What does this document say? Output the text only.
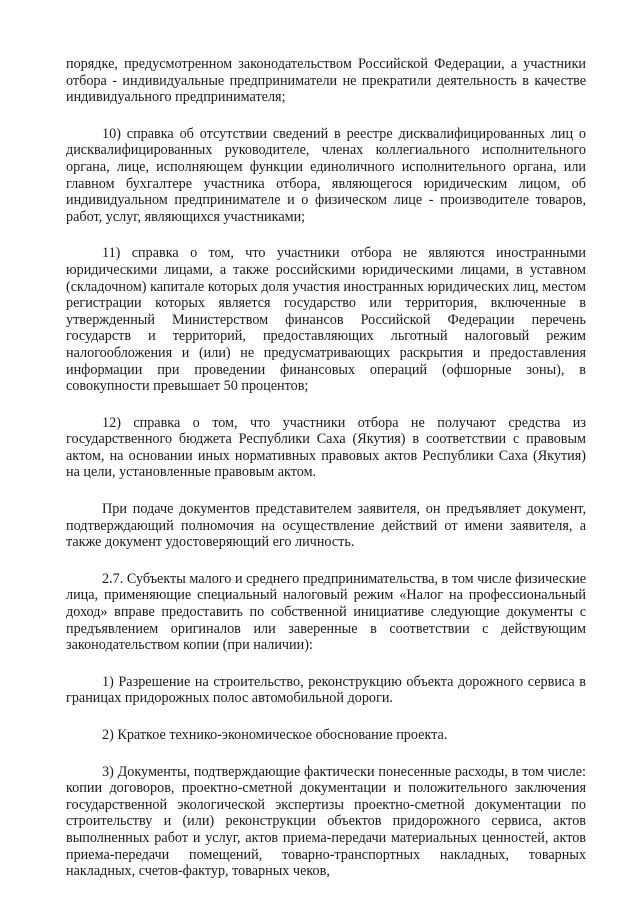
порядке, предусмотренном законодательством Российской Федерации, а участники отбора - индивидуальные предприниматели не прекратили деятельность в качестве индивидуального предпринимателя;

10) справка об отсутствии сведений в реестре дисквалифицированных лиц о дисквалифицированных руководителе, членах коллегиального исполнительного органа, лице, исполняющем функции единоличного исполнительного органа, или главном бухгалтере участника отбора, являющегося юридическим лицом, об индивидуальном предпринимателе и о физическом лице - производителе товаров, работ, услуг, являющихся участниками;

11) справка о том, что участники отбора не являются иностранными юридическими лицами, а также российскими юридическими лицами, в уставном (складочном) капитале которых доля участия иностранных юридических лиц, местом регистрации которых является государство или территория, включенные в утвержденный Министерством финансов Российской Федерации перечень государств и территорий, предоставляющих льготный налоговый режим налогообложения и (или) не предусматривающих раскрытия и предоставления информации при проведении финансовых операций (офшорные зоны), в совокупности превышает 50 процентов;

12) справка о том, что участники отбора не получают средства из государственного бюджета Республики Саха (Якутия) в соответствии с правовым актом, на основании иных нормативных правовых актов Республики Саха (Якутия) на цели, установленные правовым актом.

При подаче документов представителем заявителя, он предъявляет документ, подтверждающий полномочия на осуществление действий от имени заявителя, а также документ удостоверяющий его личность.

2.7. Субъекты малого и среднего предпринимательства, в том числе физические лица, применяющие специальный налоговый режим «Налог на профессиональный доход» вправе предоставить по собственной инициативе следующие документы с предъявлением оригиналов или заверенные в соответствии с действующим законодательством копии (при наличии):

1) Разрешение на строительство, реконструкцию объекта дорожного сервиса в границах придорожных полос автомобильной дороги.

2) Краткое технико-экономическое обоснование проекта.

3) Документы, подтверждающие фактически понесенные расходы, в том числе: копии договоров, проектно-сметной документации и положительного заключения государственной экологической экспертизы проектно-сметной документации по строительству и (или) реконструкции объектов придорожного сервиса, актов выполненных работ и услуг, актов приема-передачи материальных ценностей, актов приема-передачи помещений, товарно-транспортных накладных, товарных накладных, счетов-фактур, товарных чеков,
